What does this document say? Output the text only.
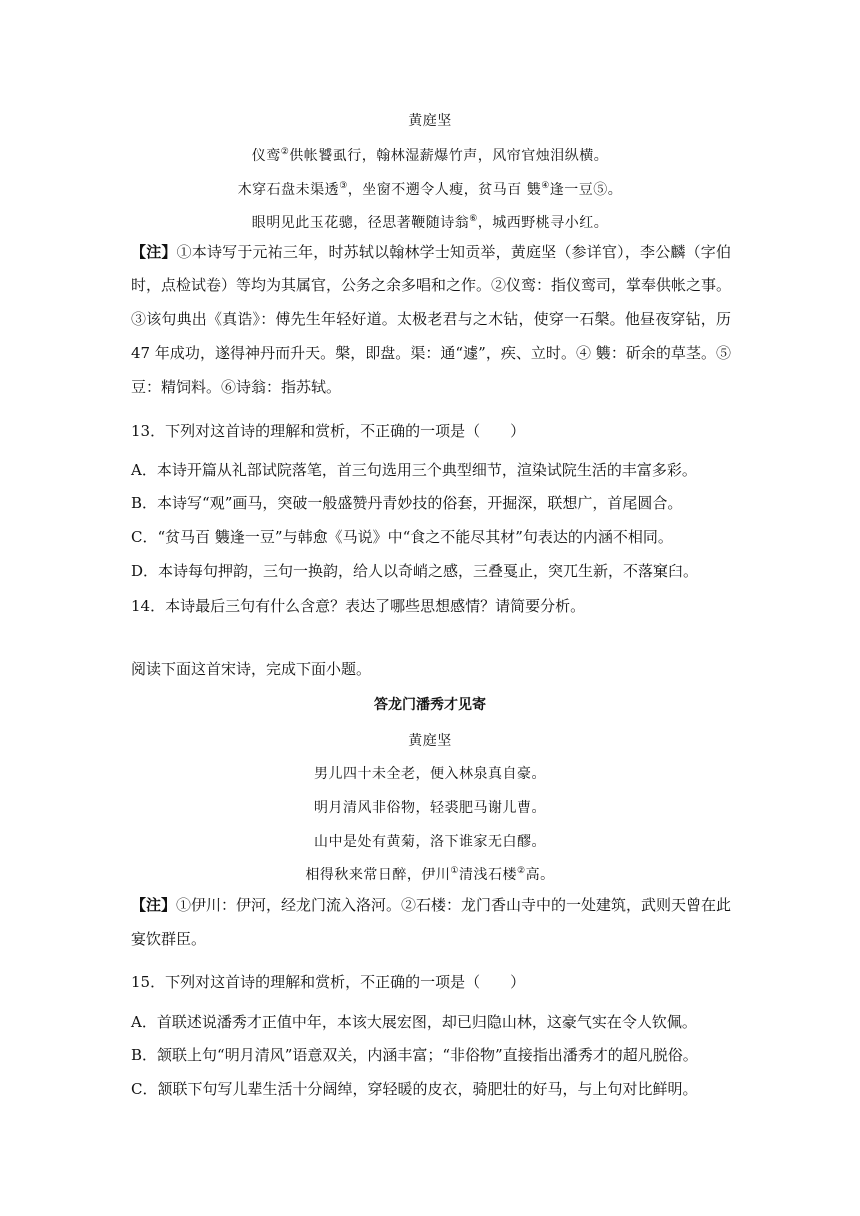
黄庭坚
仪鸾②供帐饕虱行，翰林湿薪爆竹声，风帘官烛泪纵横。
木穿石盘未渠透③，坐窗不遡令人瘦，贫马百 䨇④逢一豆⑤。
眼明见此玉花骢，径思著鞭随诗翁⑥，城西野桃寻小红。
【注】①本诗写于元祐三年，时苏轼以翰林学士知贡举，黄庭坚（参详官），李公麟（字伯
时，点检试卷）等均为其属官，公务之余多唱和之作。②仪鸾：指仪鸾司，掌奉供帐之事。
③该句典出《真诰》：傅先生年轻好道。太极老君与之木钻，使穿一石槃。他昼夜穿钻，历
47 年成功，遂得神丹而升天。槃，即盘。渠：通“遽”，疾、立时。④ 䨇：斫余的草茎。⑤
豆：精饲料。⑥诗翁：指苏轼。
13．下列对这首诗的理解和赏析，不正确的一项是（　　）
A．本诗开篇从礼部试院落笔，首三句选用三个典型细节，渲染试院生活的丰富多彩。
B．本诗写“观”画马，突破一般盛赞丹青妙技的俗套，开掘深，联想广，首尾圆合。
C．“贫马百 䨇逢一豆”与韩愈《马说》中“食之不能尽其材”句表达的内涵不相同。
D．本诗每句押韵，三句一换韵，给人以奇峭之感，三叠戛止，突兀生新，不落窠臼。
14．本诗最后三句有什么含意？表达了哪些思想感情？请简要分析。
阅读下面这首宋诗，完成下面小题。
答龙门潘秀才见寄
黄庭坚
男儿四十未全老，便入林泉真自豪。
明月清风非俗物，轻裘肥马谢儿曹。
山中是处有黄菊，洛下谁家无白醪。
相得秋来常日醉，伊川①清浅石楼②高。
【注】①伊川：伊河，经龙门流入洛河。②石楼：龙门香山寺中的一处建筑，武则天曾在此
宴饮群臣。
15．下列对这首诗的理解和赏析，不正确的一项是（　　）
A．首联述说潘秀才正值中年，本该大展宏图，却已归隐山林，这豪气实在令人钦佩。
B．颔联上句“明月清风”语意双关，内涵丰富；“非俗物”直接指出潘秀才的超凡脱俗。
C．颔联下句写儿辈生活十分阔绰，穿轻暖的皮衣，骑肥壮的好马，与上句对比鲜明。
